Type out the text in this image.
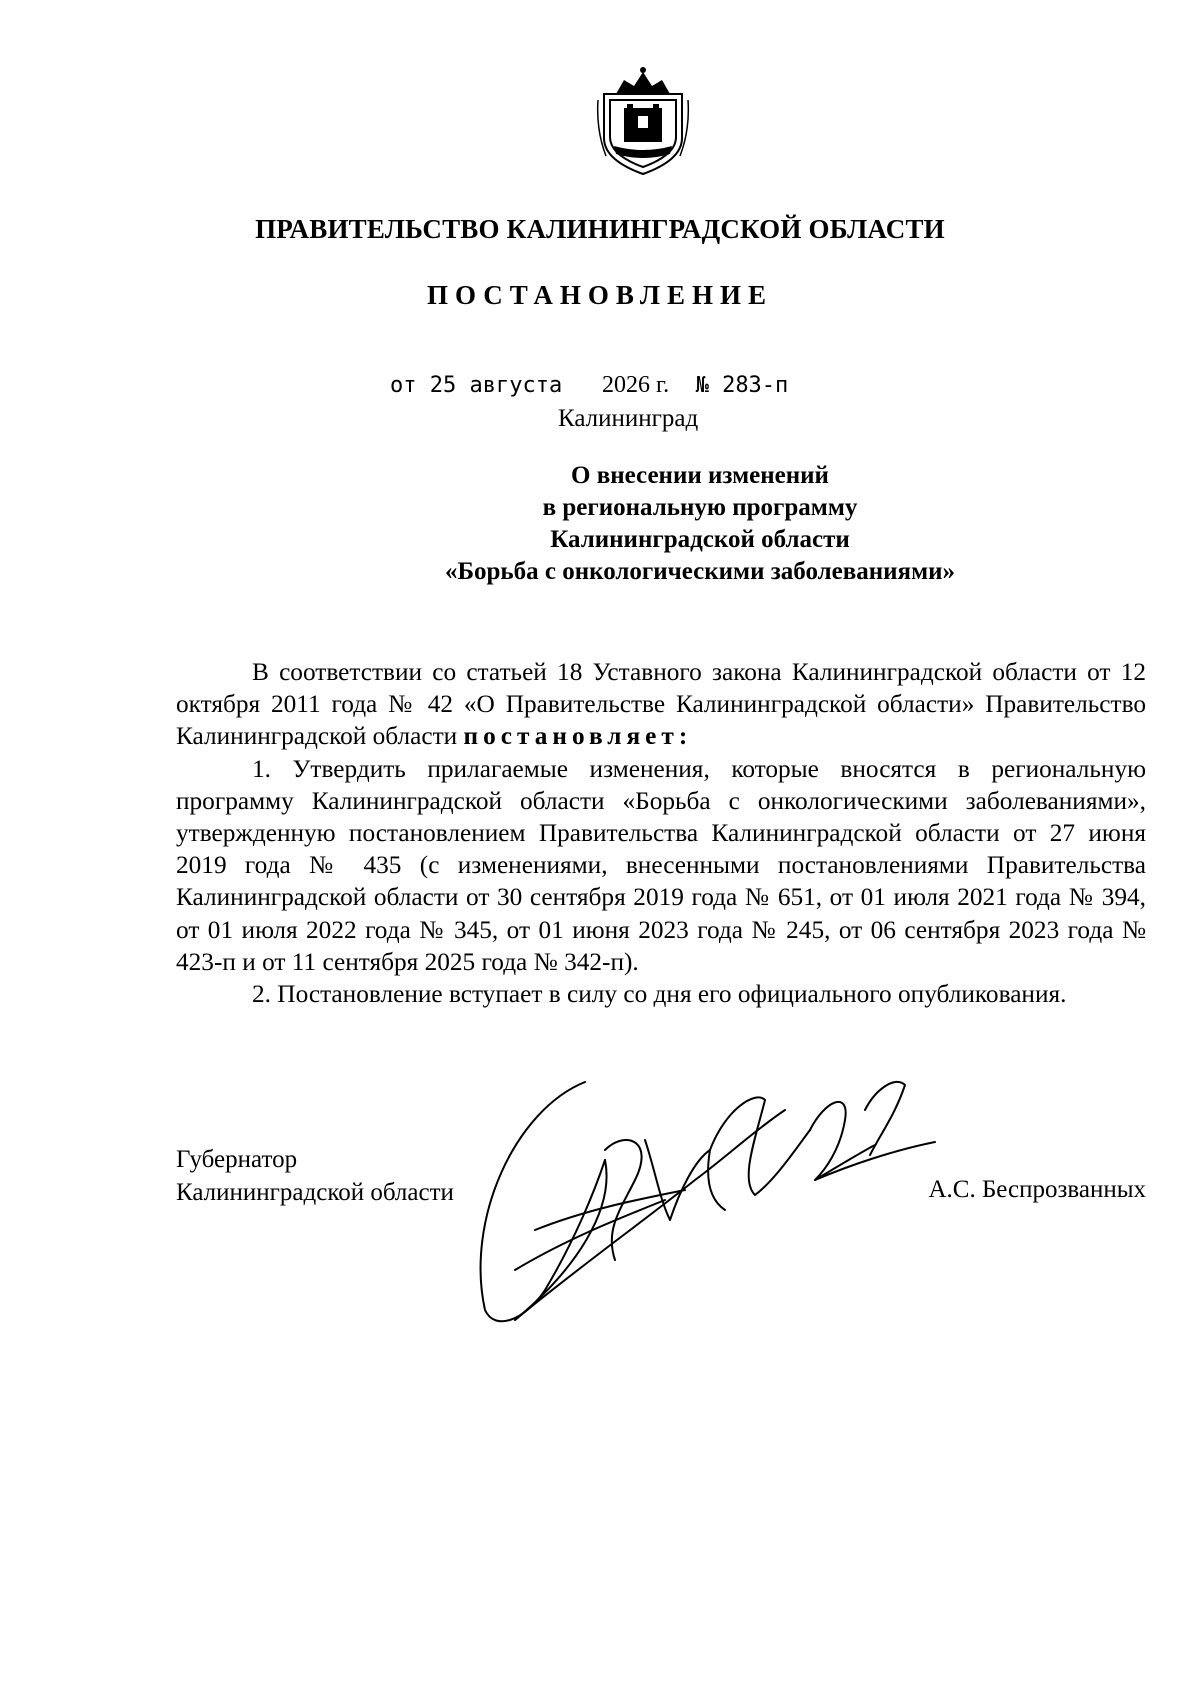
ПРАВИТЕЛЬСТВО КАЛИНИНГРАДСКОЙ ОБЛАСТИ
ПОСТАНОВЛЕНИЕ
от 25 августа 2026 г. № 283-п
Калининград
О внесении изменений
в региональную программу
Калининградской области
«Борьба с онкологическими заболеваниями»

В соответствии со статьей 18 Уставного закона Калининградской области от 12 октября 2011 года № 42 «О Правительстве Калининградской области» Правительство Калининградской области постановляет:

1. Утвердить прилагаемые изменения, которые вносятся в региональную программу Калининградской области «Борьба с онкологическими заболеваниями», утвержденную постановлением Правительства Калининградской области от 27 июня 2019 года № 435 (с изменениями, внесенными постановлениями Правительства Калининградской области от 30 сентября 2019 года № 651, от 01 июля 2021 года № 394, от 01 июля 2022 года № 345, от 01 июня 2023 года № 245, от 06 сентября 2023 года № 423-п и от 11 сентября 2025 года № 342-п).

2. Постановление вступает в силу со дня его официального опубликования.

Губернатор
Калининградской области	А.С. Беспрозванных
